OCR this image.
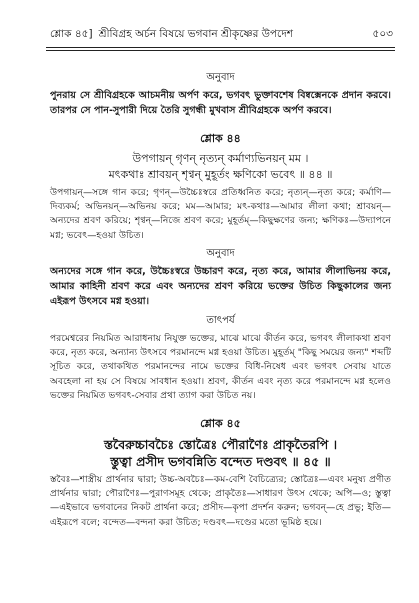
শ্লোক ৪৫] শ্রীবিগ্রহ অর্চন বিষয়ে ভগবান শ্রীকৃষ্ণের উপদেশ	৫০৩
অনুবাদ

পুনরায় সে শ্রীবিগ্রহকে আচমনীয় অর্পণ করে, ভগবৎ ভুক্তাবশেষ বিষ্বক্সেনকে প্রদান করবে। তারপর সে পান-সুপারী দিয়ে তৈরি সুগন্ধী মুখবাস শ্রীবিগ্রহকে অর্পণ করবে।

শ্লোক ৪৪
উপগায়ন্ গৃণন্ নৃত্যন্ কর্মাণ্যভিনয়ন্ মম ।
মৎকথাঃ শ্রাবয়ন্ শৃণ্বন্ মুহূর্তং ক্ষণিকো ভবেৎ ॥ ৪৪ ॥

উপগায়ন্—সঙ্গে গান করে; গৃণন্—উচ্চৈঃস্বরে প্রতিধ্বনিত করে; নৃত্যন্—নৃত্য করে; কর্মাণি—দিব্যকর্ম; অভিনয়ন্—অভিনয় করে; মম—আমার; মৎ-কথাঃ—আমার লীলা কথা; শ্রাবয়ন্—অন্যদের শ্রবণ করিয়ে; শৃণ্বন্—নিজে শ্রবণ করে; মুহূর্তম্—কিছুক্ষণের জন্য; ক্ষণিকঃ—উদ্যাপনে মগ্ন; ভবেৎ—হওয়া উচিত।

অনুবাদ

অন্যদের সঙ্গে গান করে, উচ্চৈঃস্বরে উচ্চারণ করে, নৃত্য করে, আমার লীলাভিনয় করে, আমার কাহিনী শ্রবণ করে এবং অন্যদের শ্রবণ করিয়ে ভক্তের উচিত কিছুকালের জন্য এইরূপ উৎসবে মগ্ন হওয়া।

তাৎপর্য

পরমেশ্বরের নিয়মিত আরাধনায় নিযুক্ত ভক্তের, মাঝে মাঝে কীর্তন করে, ভগবৎ লীলাকথা শ্রবণ করে, নৃত্য করে, অন্যান্য উৎসবে পরমানন্দে মগ্ন হওয়া উচিত। মুহূর্তম্ "কিছু সময়ের জন্য" শব্দটি সূচিত করে, তথাকথিত পরমানন্দের নামে ভক্তের বিধি-নিষেধ এবং ভগবৎ সেবায় যাতে অবহেলা না হয় সে বিষয়ে সাবধান হওয়া। শ্রবণ, কীর্তন এবং নৃত্য করে পরমানন্দে মগ্ন হলেও ভক্তের নিয়মিত ভগবৎ-সেবার প্রথা ত্যাগ করা উচিত নয়।

শ্লোক ৪৫
স্তবৈরুচ্চাবচৈঃ স্তোত্রৈঃ পৌরাণৈঃ প্রাকৃতৈরপি ।
স্তুত্বা প্রসীদ ভগবন্নিতি বন্দেত দণ্ডবৎ ॥ ৪৫ ॥

স্তবৈঃ—শাস্ত্রীয় প্রার্থনার দ্বারা; উচ্চ-অবচৈঃ—কম-বেশি বৈচিত্র্যের; স্তোত্রৈঃ—এবং মনুষ্য প্রণীত প্রার্থনার দ্বারা; পৌরাণৈঃ—পুরাণসমূহ থেকে; প্রাকৃতৈঃ—সাধারণ উৎস থেকে; অপি—ও; স্তুত্বা—এইভাবে ভগবানের নিকট প্রার্থনা করে; প্রসীদ—কৃপা প্রদর্শন করুন; ভগবন্—হে প্রভু; ইতি—এইরূপে বলে; বন্দেত—বন্দনা করা উচিত; দণ্ডবৎ—দণ্ডের মতো ভূমিষ্ঠ হয়ে।
